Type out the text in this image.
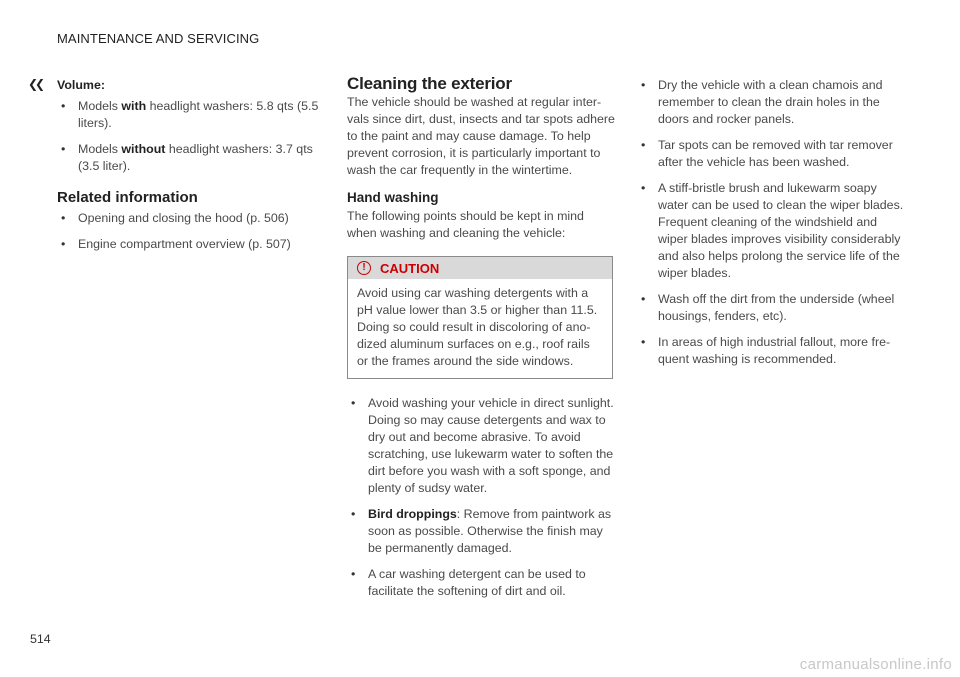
MAINTENANCE AND SERVICING
❮❮ Volume:
• Models with headlight washers: 5.8 qts (5.5 liters).
• Models without headlight washers: 3.7 qts (3.5 liter).
Related information
• Opening and closing the hood (p. 506)
• Engine compartment overview (p. 507)
Cleaning the exterior
The vehicle should be washed at regular inter- vals since dirt, dust, insects and tar spots adhere to the paint and may cause damage. To help prevent corrosion, it is particularly important to wash the car frequently in the wintertime.
Hand washing
The following points should be kept in mind when washing and cleaning the vehicle:
!	CAUTION
Avoid using car washing detergents with a pH value lower than 3.5 or higher than 11.5. Doing so could result in discoloring of ano- dized aluminum surfaces on e.g., roof rails or the frames around the side windows.
• Avoid washing your vehicle in direct sunlight. Doing so may cause detergents and wax to dry out and become abrasive. To avoid scratching, use lukewarm water to soften the dirt before you wash with a soft sponge, and plenty of sudsy water.
• Bird droppings: Remove from paintwork as soon as possible. Otherwise the finish may be permanently damaged.
• A car washing detergent can be used to facilitate the softening of dirt and oil.
• Dry the vehicle with a clean chamois and remember to clean the drain holes in the doors and rocker panels.
• Tar spots can be removed with tar remover after the vehicle has been washed.
• A stiff-bristle brush and lukewarm soapy water can be used to clean the wiper blades. Frequent cleaning of the windshield and wiper blades improves visibility considerably and also helps prolong the service life of the wiper blades.
• Wash off the dirt from the underside (wheel housings, fenders, etc).
• In areas of high industrial fallout, more fre- quent washing is recommended.
514
carmanualsonline.info
